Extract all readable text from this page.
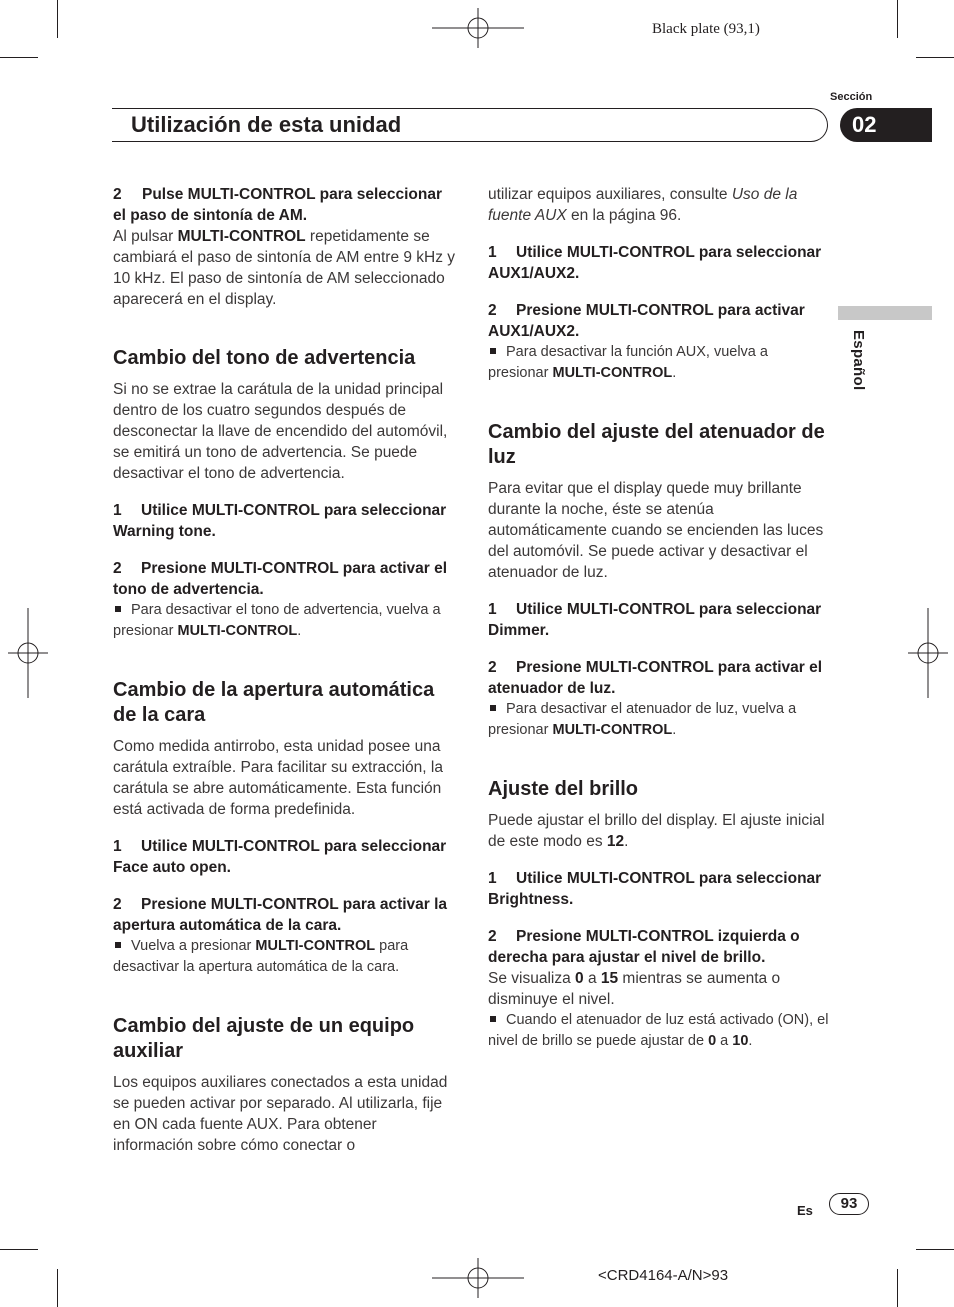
Black plate (93,1)
Sección
Utilización de esta unidad	02
Español

2 Pulse MULTI-CONTROL para seleccionar el paso de sintonía de AM.

Al pulsar MULTI-CONTROL repetidamente se cambiará el paso de sintonía de AM entre 9 kHz y 10 kHz. El paso de sintonía de AM seleccionado aparecerá en el display.

Cambio del tono de advertencia

Si no se extrae la carátula de la unidad principal dentro de los cuatro segundos después de desconectar la llave de encendido del automóvil, se emitirá un tono de advertencia. Se puede desactivar el tono de advertencia.

1 Utilice MULTI-CONTROL para seleccionar Warning tone.

2 Presione MULTI-CONTROL para activar el tono de advertencia.

Para desactivar el tono de advertencia, vuelva a presionar MULTI-CONTROL.

Cambio de la apertura automática de la cara

Como medida antirrobo, esta unidad posee una carátula extraíble. Para facilitar su extracción, la carátula se abre automáticamente. Esta función está activada de forma predefinida.

1 Utilice MULTI-CONTROL para seleccionar Face auto open.

2 Presione MULTI-CONTROL para activar la apertura automática de la cara.

Vuelva a presionar MULTI-CONTROL para desactivar la apertura automática de la cara.

Cambio del ajuste de un equipo auxiliar

Los equipos auxiliares conectados a esta unidad se pueden activar por separado. Al utilizarla, fije en ON cada fuente AUX. Para obtener información sobre cómo conectar o

utilizar equipos auxiliares, consulte Uso de la fuente AUX en la página 96.

1 Utilice MULTI-CONTROL para seleccionar AUX1/AUX2.

2 Presione MULTI-CONTROL para activar AUX1/AUX2.

Para desactivar la función AUX, vuelva a presionar MULTI-CONTROL.

Cambio del ajuste del atenuador de luz

Para evitar que el display quede muy brillante durante la noche, éste se atenúa automáticamente cuando se encienden las luces del automóvil. Se puede activar y desactivar el atenuador de luz.

1 Utilice MULTI-CONTROL para seleccionar Dimmer.

2 Presione MULTI-CONTROL para activar el atenuador de luz.

Para desactivar el atenuador de luz, vuelva a presionar MULTI-CONTROL.

Ajuste del brillo

Puede ajustar el brillo del display. El ajuste inicial de este modo es 12.

1 Utilice MULTI-CONTROL para seleccionar Brightness.

2 Presione MULTI-CONTROL izquierda o derecha para ajustar el nivel de brillo.

Se visualiza 0 a 15 mientras se aumenta o disminuye el nivel.

Cuando el atenuador de luz está activado (ON), el nivel de brillo se puede ajustar de 0 a 10.

Es	93
<CRD4164-A/N>93
